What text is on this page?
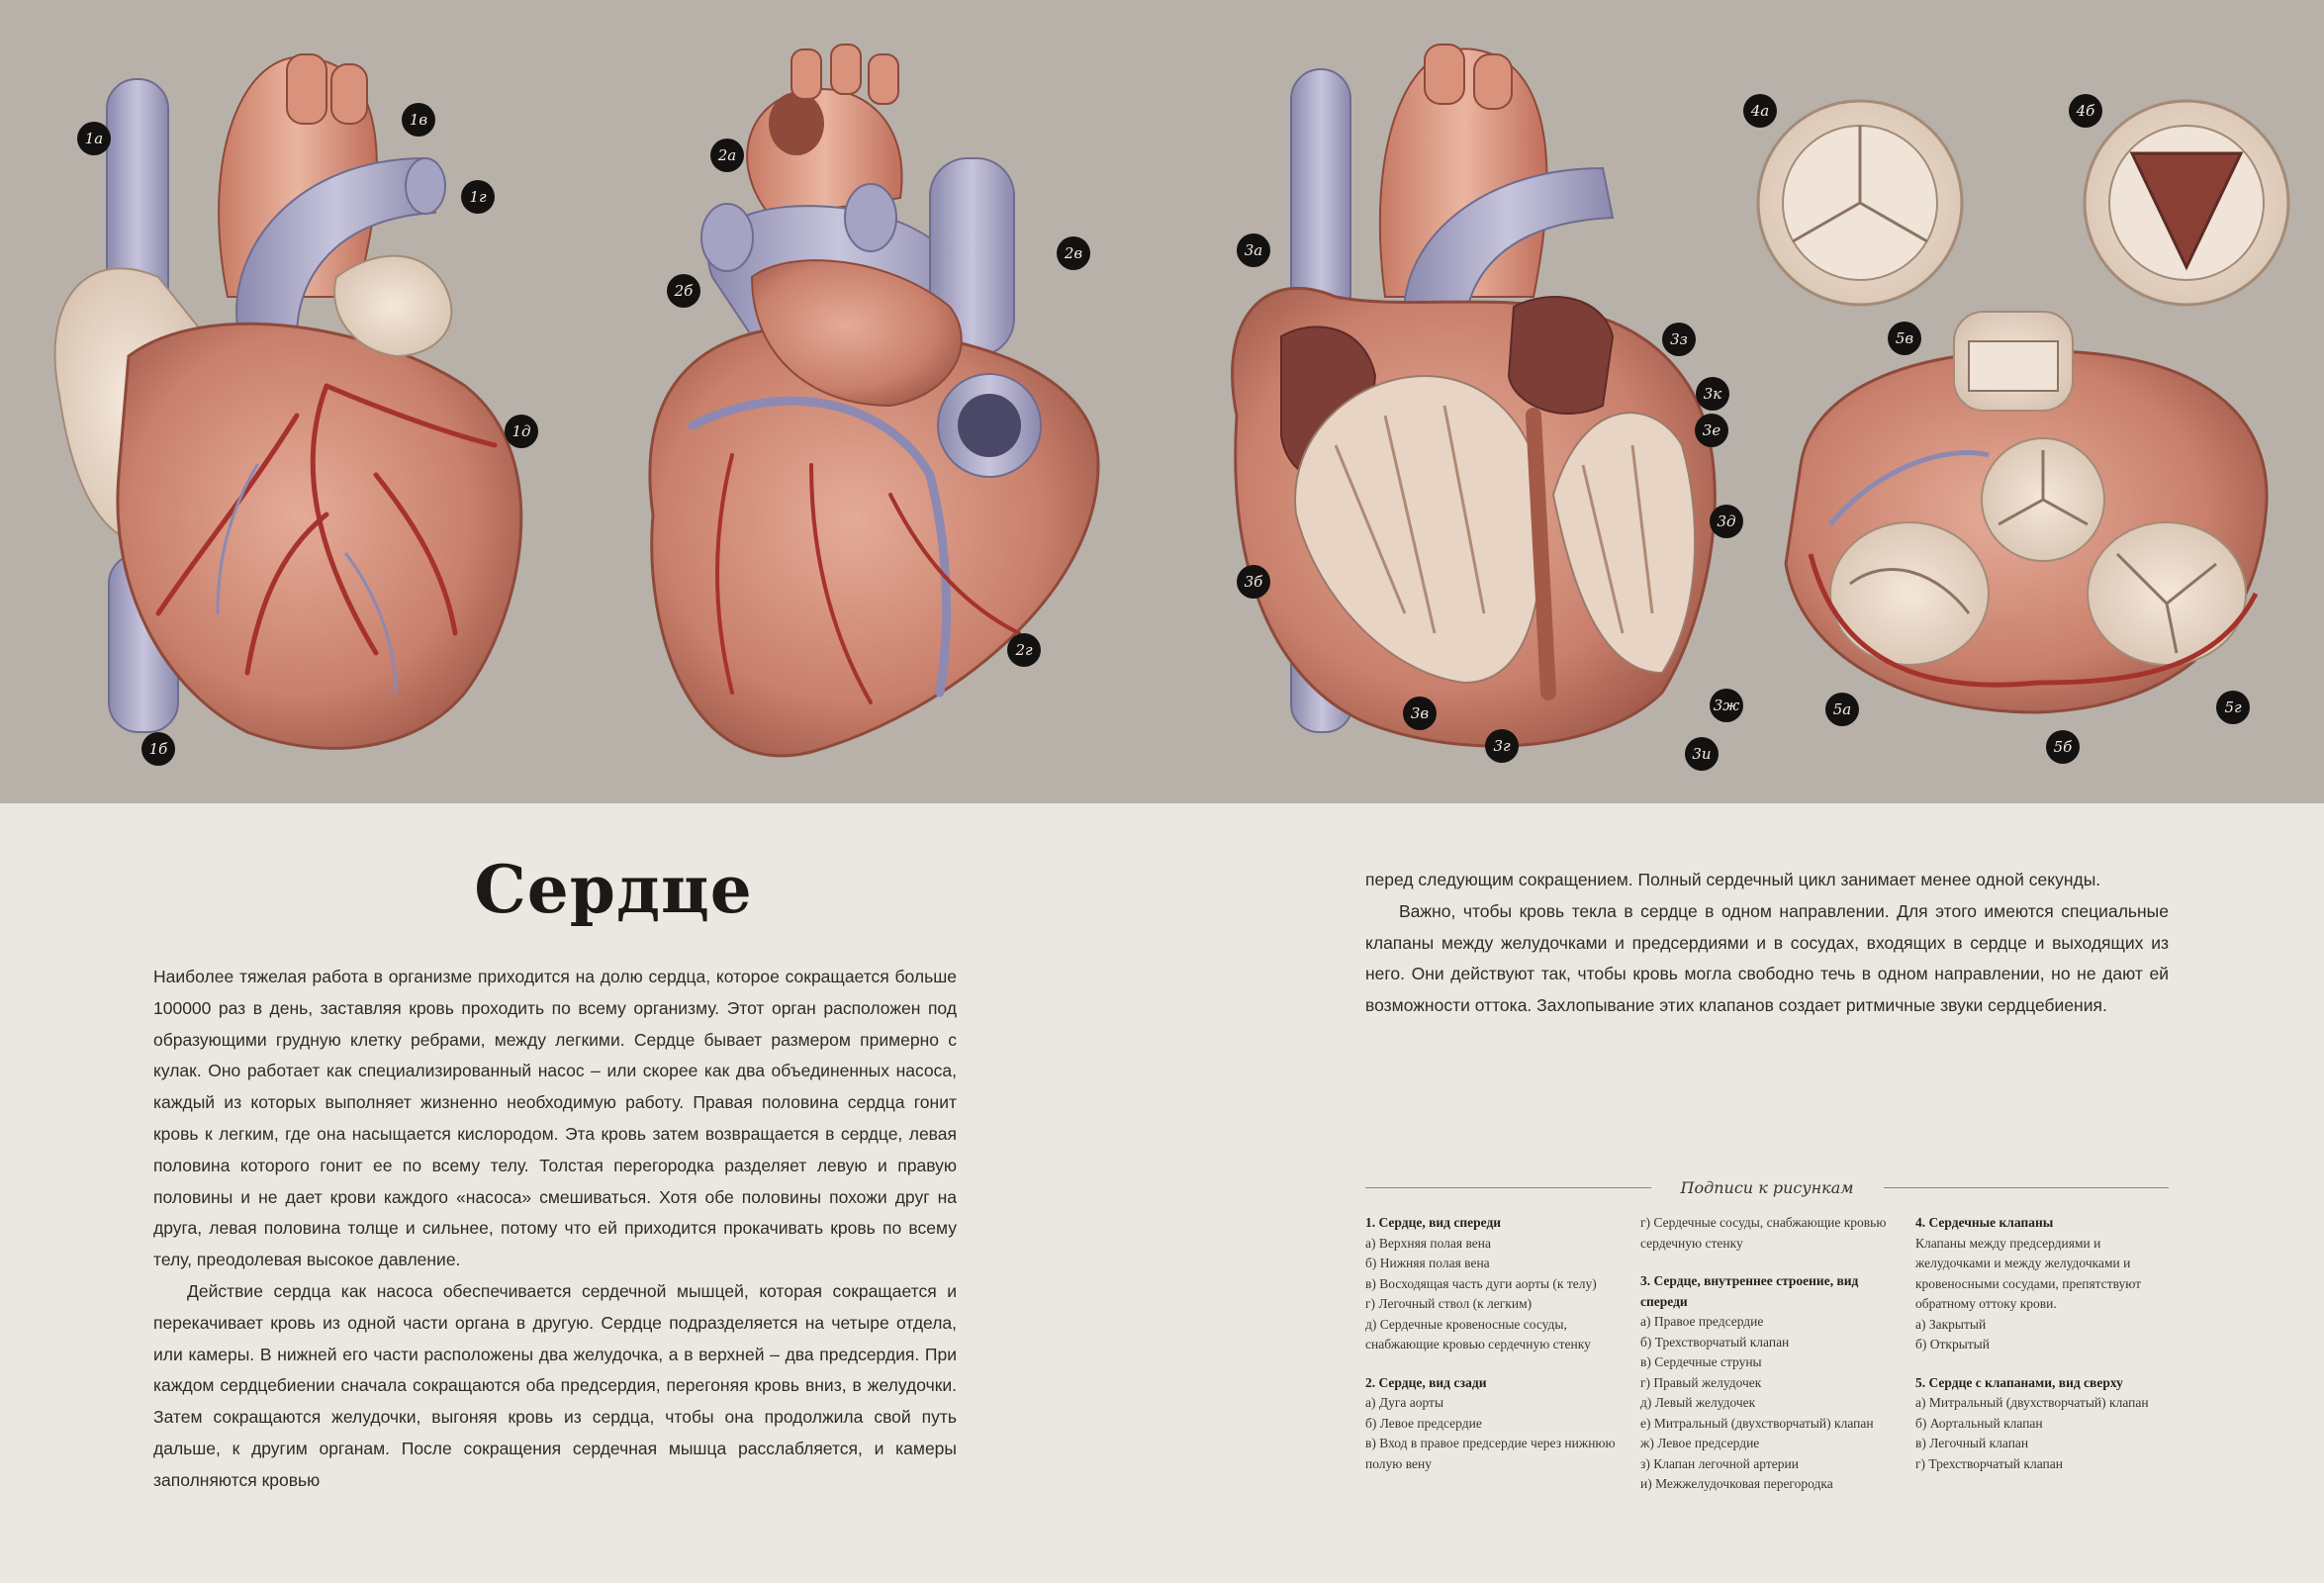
1а
1б
1в
1г
1д
2а
2б
2в
2г
3а
3б
3в
3г
3д
3е
3ж
3з
3и
3к
4а	4б
5а
5б
5в
5г
Сердце

Наиболее тяжелая работа в организме приходится на долю сердца, которое сокращается больше 100000 раз в день, заставляя кровь проходить по всему организму. Этот орган расположен под образующими грудную клетку ребрами, между легкими. Сердце бывает размером примерно с кулак. Оно работает как специализированный насос – или скорее как два объединенных насоса, каждый из которых выполняет жизненно необходимую работу. Правая половина сердца гонит кровь к легким, где она насыщается кислородом. Эта кровь затем возвращается в сердце, левая половина которого гонит ее по всему телу. Толстая перегородка разделяет левую и правую половины и не дает крови каждого «насоса» смешиваться. Хотя обе половины похожи друг на друга, левая половина толще и сильнее, потому что ей приходится прокачивать кровь по всему телу, преодолевая высокое давление.

Действие сердца как насоса обеспечивается сердечной мышцей, которая сокращается и перекачивает кровь из одной части органа в другую. Сердце подразделяется на четыре отдела, или камеры. В нижней его части расположены два желудочка, а в верхней – два предсердия. При каждом сердцебиении сначала сокращаются оба предсердия, перегоняя кровь вниз, в желудочки. Затем сокращаются желудочки, выгоняя кровь из сердца, чтобы она продолжила свой путь дальше, к другим органам. После сокращения сердечная мышца расслабляется, и камеры заполняются кровью

перед следующим сокращением. Полный сердечный цикл занимает менее одной секунды.

Важно, чтобы кровь текла в сердце в одном направлении. Для этого имеются специальные клапаны между желудочками и предсердиями и в сосудах, входящих в сердце и выходящих из него. Они действуют так, чтобы кровь могла свободно течь в одном направлении, но не дают ей возможности оттока. Захлопывание этих клапанов создает ритмичные звуки сердцебиения.

Подписи к рисункам
1. Сердце, вид спереди
а) Верхняя полая вена
б) Нижняя полая вена
в) Восходящая часть дуги аорты (к телу)
г) Легочный ствол (к легким)
д) Сердечные кровеносные сосуды, снабжающие кровью сердечную стенку
2. Сердце, вид сзади
а) Дуга аорты
б) Левое предсердие
в) Вход в правое предсердие через нижнюю полую вену
г) Сердечные сосуды, снабжающие кровью сердечную стенку
3. Сердце, внутреннее строение, вид спереди
а) Правое предсердие
б) Трехстворчатый клапан
в) Сердечные струны
г) Правый желудочек
д) Левый желудочек
е) Митральный (двухстворчатый) клапан
ж) Левое предсердие
з) Клапан легочной артерии
и) Межжелудочковая перегородка
4. Сердечные клапаны
Клапаны между предсердиями и желудочками и между желудочками и кровеносными сосудами, препятствуют обратному оттоку крови.
а) Закрытый
б) Открытый
5. Сердце с клапанами, вид сверху
а) Митральный (двухстворчатый) клапан
б) Аортальный клапан
в) Легочный клапан
г) Трехстворчатый клапан
